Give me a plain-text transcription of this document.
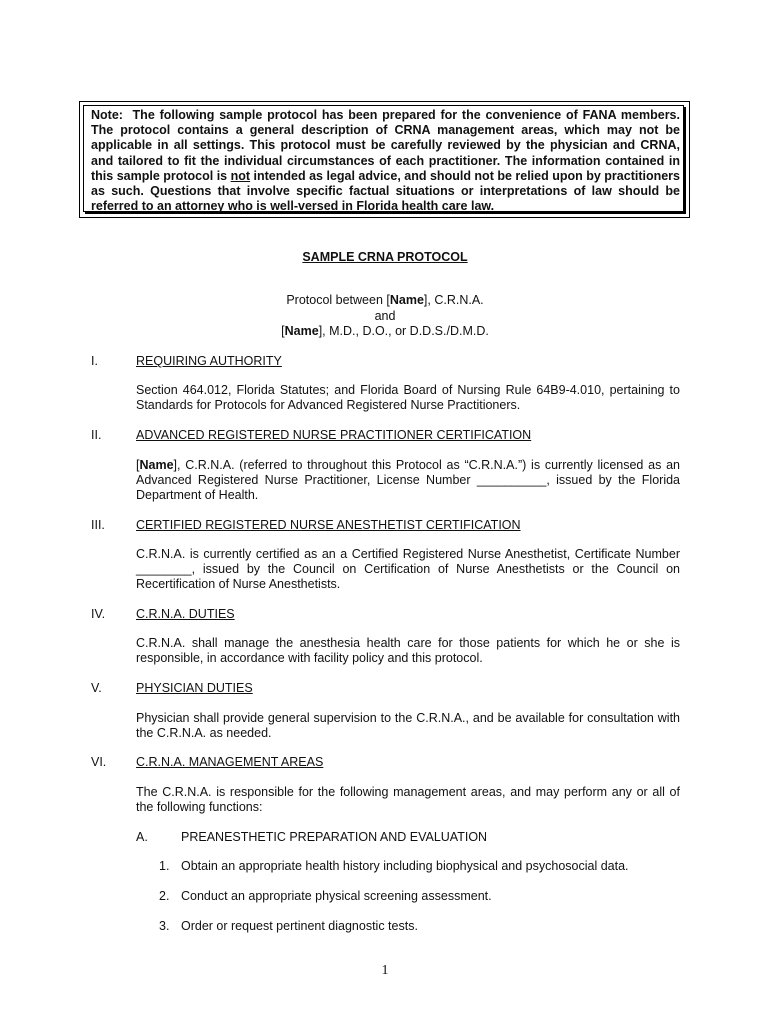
Note: The following sample protocol has been prepared for the convenience of FANA members. The protocol contains a general description of CRNA management areas, which may not be applicable in all settings. This protocol must be carefully reviewed by the physician and CRNA, and tailored to fit the individual circumstances of each practitioner. The information contained in this sample protocol is not intended as legal advice, and should not be relied upon by practitioners as such. Questions that involve specific factual situations or interpretations of law should be referred to an attorney who is well-versed in Florida health care law.
SAMPLE CRNA PROTOCOL
Protocol between [Name], C.R.N.A.
and
[Name], M.D., D.O., or D.D.S./D.M.D.
I.	REQUIRING AUTHORITY
Section 464.012, Florida Statutes; and Florida Board of Nursing Rule 64B9-4.010, pertaining to Standards for Protocols for Advanced Registered Nurse Practitioners.
II.	ADVANCED REGISTERED NURSE PRACTITIONER CERTIFICATION
[Name], C.R.N.A. (referred to throughout this Protocol as “C.R.N.A.”) is currently licensed as an Advanced Registered Nurse Practitioner, License Number __________, issued by the Florida Department of Health.
III. CERTIFIED REGISTERED NURSE ANESTHETIST CERTIFICATION
C.R.N.A. is currently certified as an a Certified Registered Nurse Anesthetist, Certificate Number ________, issued by the Council on Certification of Nurse Anesthetists or the Council on Recertification of Nurse Anesthetists.
IV. C.R.N.A. DUTIES
C.R.N.A. shall manage the anesthesia health care for those patients for which he or she is responsible, in accordance with facility policy and this protocol.
V.	PHYSICIAN DUTIES
Physician shall provide general supervision to the C.R.N.A., and be available for consultation with the C.R.N.A. as needed.
VI. C.R.N.A. MANAGEMENT AREAS
The C.R.N.A. is responsible for the following management areas, and may perform any or all of the following functions:
A.	PREANESTHETIC PREPARATION AND EVALUATION
1. Obtain an appropriate health history including biophysical and psychosocial data.
2. Conduct an appropriate physical screening assessment.
3. Order or request pertinent diagnostic tests.
1
